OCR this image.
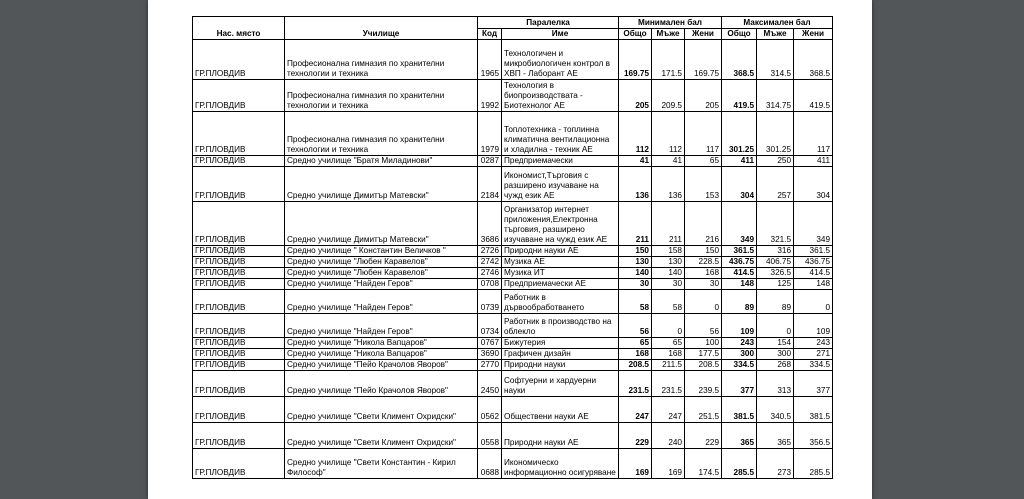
Нас. място	Училище	Паралелка		Минимален бал			Максимален бал		
		Код	Име	Общо	Мъже	Жени	Общо	Мъже	Жени
ГР.ПЛОВДИВ	Професионална гимназия по хранителни технологии и техника	1965	Технологичен и микробиологичен контрол в ХВП - Лаборант АЕ	169.75	171.5	169.75	368.5	314.5	368.5
ГР.ПЛОВДИВ	Професионална гимназия по хранителни технологии и техника	1992	Технология в биопроизводствата - Биотехнолог АЕ	205	209.5	205	419.5	314.75	419.5
ГР.ПЛОВДИВ	Професионална гимназия по хранителни технологии и техника	1979	Топлотехника - топлинна климатична вентилационна и хладилна - техник АЕ	112	112	117	301.25	301.25	117
ГР.ПЛОВДИВ	Средно училище "Братя Миладинови"	0287	Предприемачески	41	41	65	411	250	411
ГР.ПЛОВДИВ	Средно училище Димитър Матевски"	2184	Икономист,Търговия с разширено изучаване на чужд език АЕ	136	136	153	304	257	304
ГР.ПЛОВДИВ	Средно училище Димитър Матевски"	3686	Организатор интернет приложения,Електронна търговия, разширено изучаване на чужд език АЕ	211	211	216	349	321.5	349
ГР.ПЛОВДИВ	Средно училище " Константин Величков "	2726	Природни науки АЕ	150	158	150	361.5	316	361.5
ГР.ПЛОВДИВ	Средно училище "Любен Каравелов"	2742	Музика АЕ	130	130	228.5	436.75	406.75	436.75
ГР.ПЛОВДИВ	Средно училище "Любен Каравелов"	2746	Музика ИТ	140	140	168	414.5	326.5	414.5
ГР.ПЛОВДИВ	Средно училище "Найден Геров"	0708	Предприемачески АЕ	30	30	30	148	125	148
ГР.ПЛОВДИВ	Средно училище "Найден Геров"	0739	Работник в дървообработването	58	58	0	89	89	0
ГР.ПЛОВДИВ	Средно училище "Найден Геров"	0734	Работник в производство на облекло	56	0	56	109	0	109
ГР.ПЛОВДИВ	Средно училище "Никола Вапцаров"	0767	Бижутерия	65	65	100	243	154	243
ГР.ПЛОВДИВ	Средно училище "Никола Вапцаров"	3690	Графичен дизайн	168	168	177.5	300	300	271
ГР.ПЛОВДИВ	Средно училище "Пейо Крачолов Яворов"	2770	Природни науки	208.5	211.5	208.5	334.5	268	334.5
ГР.ПЛОВДИВ	Средно училище "Пейо Крачолов Яворов"	2450	Софтуерни и хардуерни науки	231.5	231.5	239.5	377	313	377
ГР.ПЛОВДИВ	Средно училище "Свети Климент Охридски"	0562	Обществени науки АЕ	247	247	251.5	381.5	340.5	381.5
ГР.ПЛОВДИВ	Средно училище "Свети Климент Охридски"	0558	Природни науки АЕ	229	240	229	365	365	356.5
ГР.ПЛОВДИВ	Средно училище "Свети Константин - Кирил Философ"	0688	Икономическо информационно осигуряване	169	169	174.5	285.5	273	285.5
